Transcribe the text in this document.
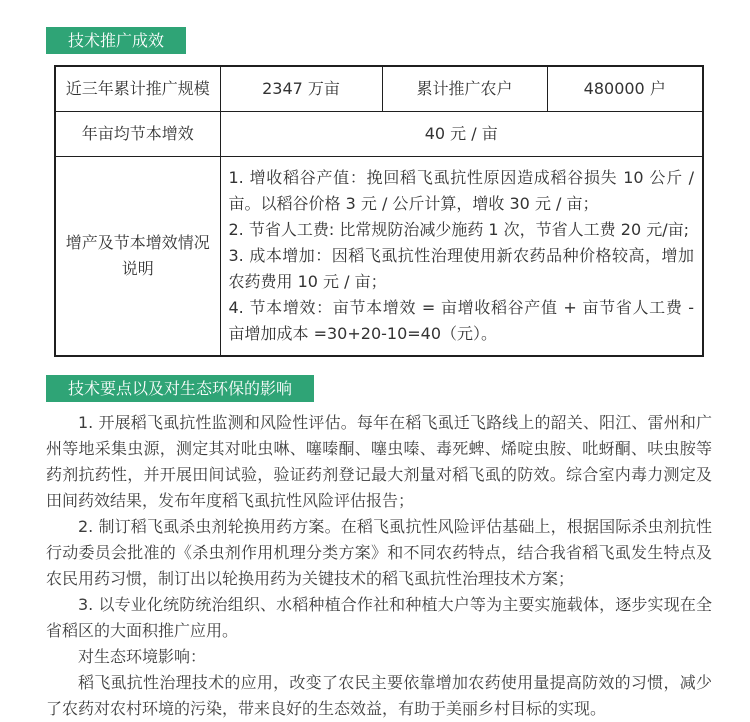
技术推广成效
近三年累计推广规模	2347 万亩	累计推广农户	480000 户
年亩均节本增效	40 元 / 亩		
增产及节本增效情况说明	1. 增收稻谷产值：挽回稻飞虱抗性原因造成稻谷损失 10 公斤 / 亩。以稻谷价格 3 元 / 公斤计算，增收 30 元 / 亩；
2. 节省人工费: 比常规防治减少施药 1 次，节省人工费 20 元/亩;
3. 成本增加：因稻飞虱抗性治理使用新农药品种价格较高，增加农药费用 10 元 / 亩；
4. 节本增效：亩节本增效 = 亩增收稻谷产值 + 亩节省人工费 - 亩增加成本 =30+20-10=40（元）。		
技术要点以及对生态环保的影响

1. 开展稻飞虱抗性监测和风险性评估。每年在稻飞虱迁飞路线上的韶关、阳江、雷州和广州等地采集虫源，测定其对吡虫啉、噻嗪酮、噻虫嗪、毒死蜱、烯啶虫胺、吡蚜酮、呋虫胺等药剂抗药性，并开展田间试验，验证药剂登记最大剂量对稻飞虱的防效。综合室内毒力测定及田间药效结果，发布年度稻飞虱抗性风险评估报告；

2. 制订稻飞虱杀虫剂轮换用药方案。在稻飞虱抗性风险评估基础上，根据国际杀虫剂抗性行动委员会批准的《杀虫剂作用机理分类方案》和不同农药特点，结合我省稻飞虱发生特点及农民用药习惯，制订出以轮换用药为关键技术的稻飞虱抗性治理技术方案；

3. 以专业化统防统治组织、水稻种植合作社和种植大户等为主要实施载体，逐步实现在全省稻区的大面积推广应用。

对生态环境影响：

稻飞虱抗性治理技术的应用，改变了农民主要依靠增加农药使用量提高防效的习惯，减少了农药对农村环境的污染，带来良好的生态效益，有助于美丽乡村目标的实现。
